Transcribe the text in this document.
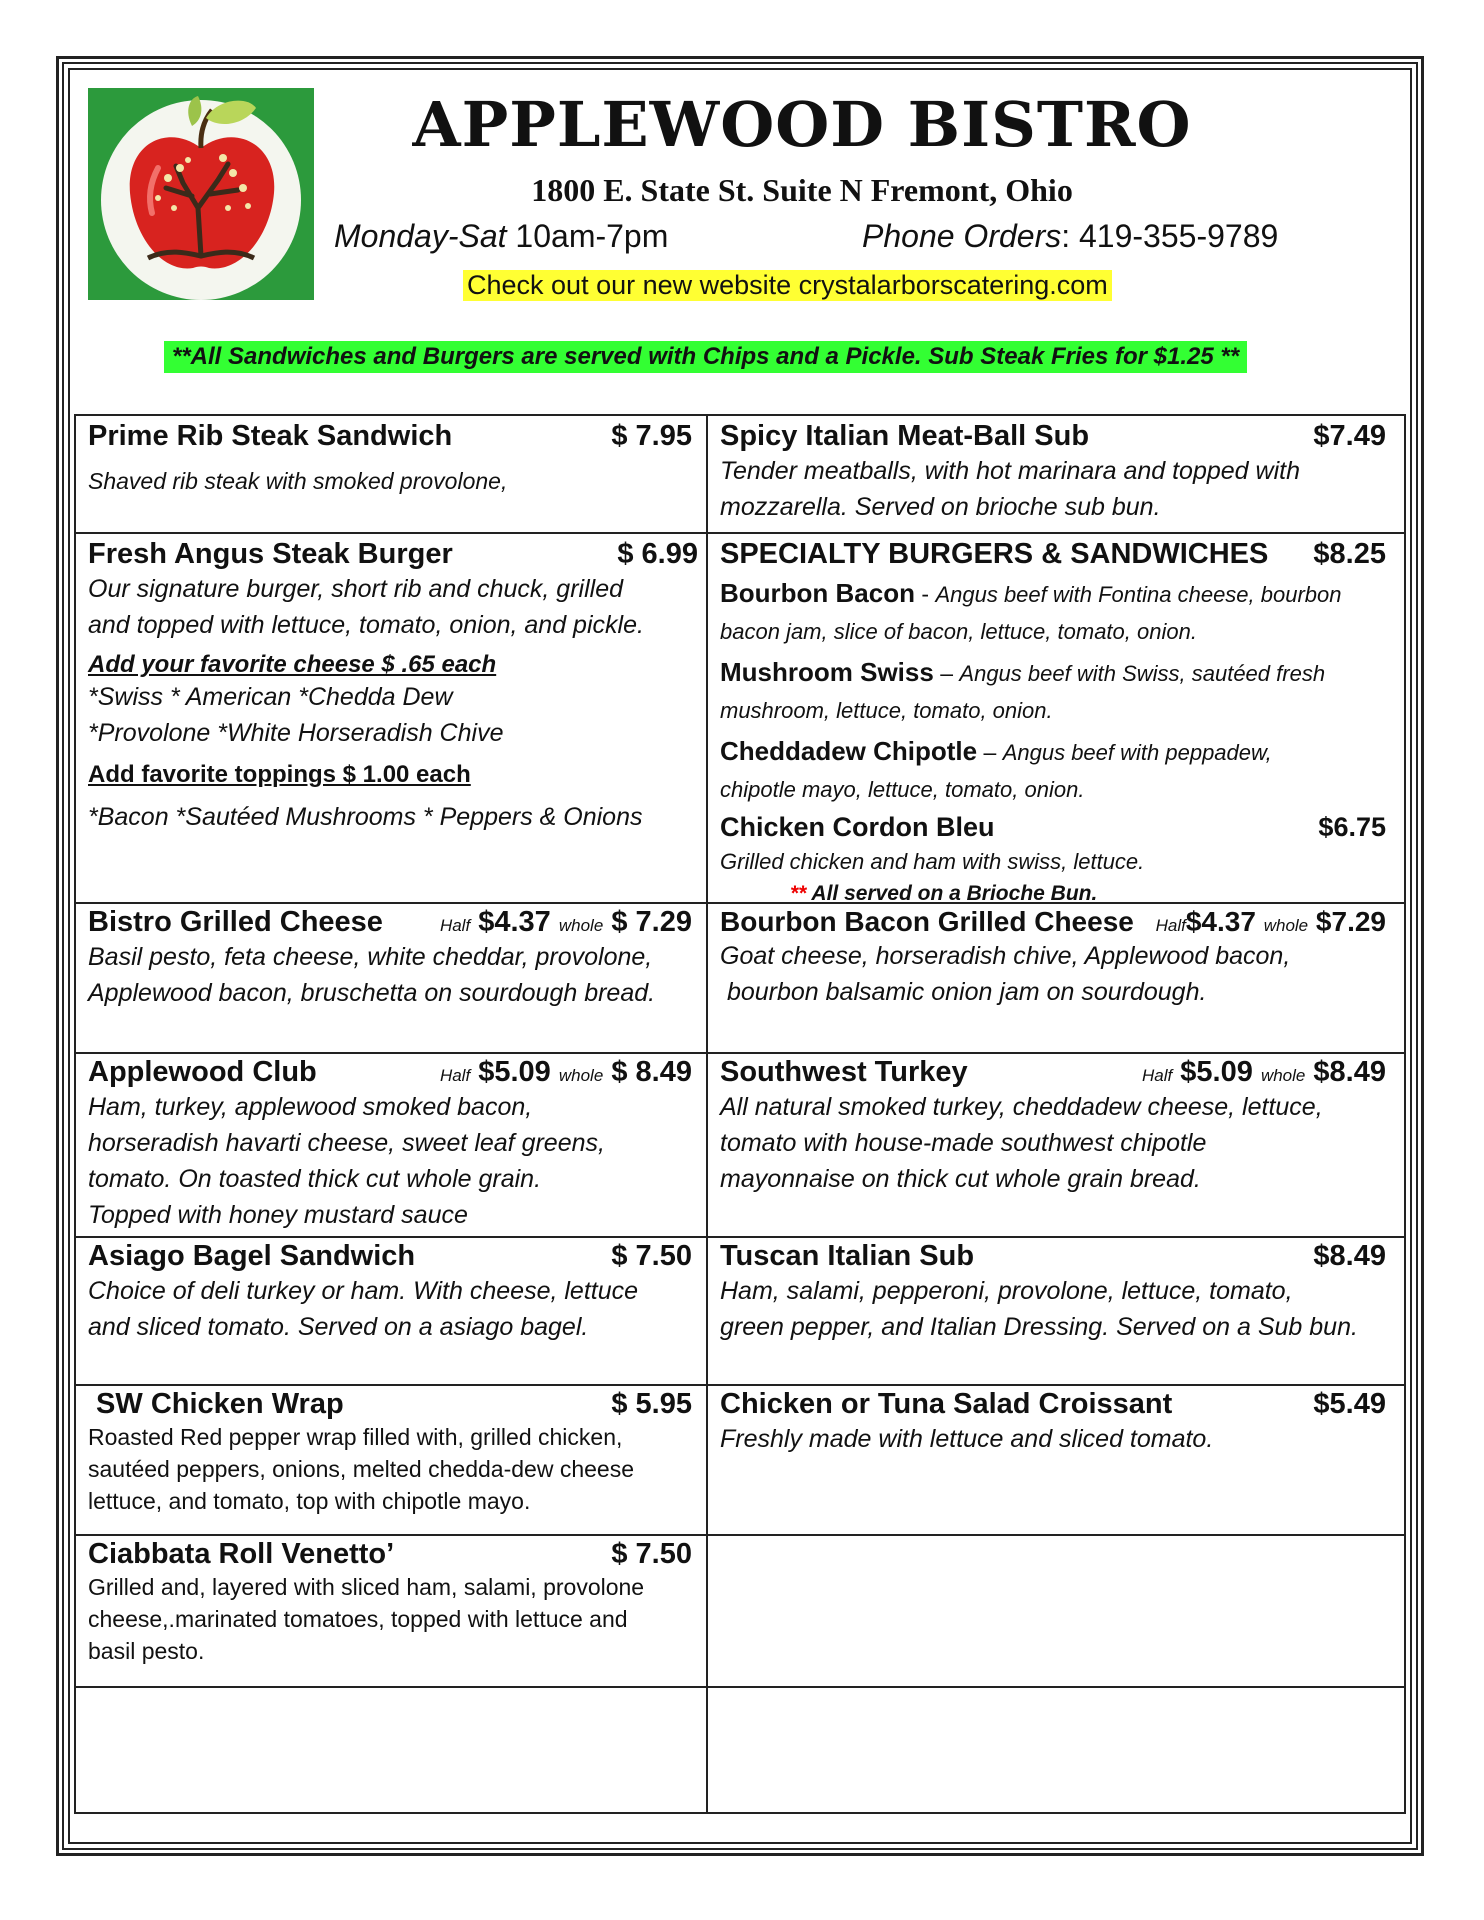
APPLEWOOD BISTRO
1800 E. State St. Suite N Fremont, Ohio
Monday-Sat 10am-7pm	Phone Orders: 419-355-9789
Check out our new website crystalarborscatering.com
**All Sandwiches and Burgers are served with Chips and a Pickle. Sub Steak Fries for $1.25 **
Prime Rib Steak Sandwich	$ 7.95
Shaved rib steak with smoked provolone,
Spicy Italian Meat-Ball Sub	$7.49
Tender meatballs, with hot marinara and topped with
mozzarella. Served on brioche sub bun.
Fresh Angus Steak Burger	$ 6.99
Our signature burger, short rib and chuck, grilled
and topped with lettuce, tomato, onion, and pickle.
Add your favorite cheese $ .65 each
*Swiss * American *Chedda Dew
*Provolone *White Horseradish Chive
Add favorite toppings $ 1.00 each
*Bacon *Sautéed Mushrooms * Peppers & Onions
SPECIALTY BURGERS & SANDWICHES $8.25
Bourbon Bacon - Angus beef with Fontina cheese, bourbon
bacon jam, slice of bacon, lettuce, tomato, onion.
Mushroom Swiss – Angus beef with Swiss, sautéed fresh
mushroom, lettuce, tomato, onion.
Cheddadew Chipotle – Angus beef with peppadew,
chipotle mayo, lettuce, tomato, onion.
Chicken Cordon Bleu	$6.75
Grilled chicken and ham with swiss, lettuce.
** All served on a Brioche Bun.
Bistro Grilled Cheese	Half $4.37 whole $ 7.29
Basil pesto, feta cheese, white cheddar, provolone,
Applewood bacon, bruschetta on sourdough bread.
Bourbon Bacon Grilled Cheese Half$4.37 whole $7.29
Goat cheese, horseradish chive, Applewood bacon,
bourbon balsamic onion jam on sourdough.
Applewood Club	Half $5.09 whole $ 8.49
Ham, turkey, applewood smoked bacon,
horseradish havarti cheese, sweet leaf greens,
tomato. On toasted thick cut whole grain.
Topped with honey mustard sauce
Southwest Turkey	Half $5.09 whole $8.49
All natural smoked turkey, cheddadew cheese, lettuce,
tomato with house-made southwest chipotle
mayonnaise on thick cut whole grain bread.
Asiago Bagel Sandwich	$ 7.50
Choice of deli turkey or ham. With cheese, lettuce
and sliced tomato. Served on a asiago bagel.
Tuscan Italian Sub	$8.49
Ham, salami, pepperoni, provolone, lettuce, tomato,
green pepper, and Italian Dressing. Served on a Sub bun.
SW Chicken Wrap	$ 5.95
Roasted Red pepper wrap filled with, grilled chicken,
sautéed peppers, onions, melted chedda-dew cheese
lettuce, and tomato, top with chipotle mayo.
Chicken or Tuna Salad Croissant	$5.49
Freshly made with lettuce and sliced tomato.
Ciabbata Roll Venetto’	$ 7.50
Grilled and, layered with sliced ham, salami, provolone
cheese,.marinated tomatoes, topped with lettuce and
basil pesto.
